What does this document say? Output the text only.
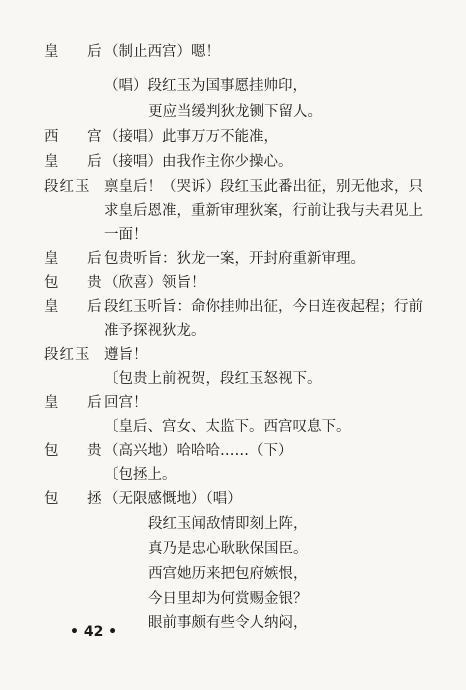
皇 后
（制止西宫）嗯！
（唱）段红玉为国事愿挂帅印，
更应当缓判狄龙铡下留人。
西 宫
（接唱）此事万万不能准，
皇 后
（接唱）由我作主你少操心。
段红玉 禀皇后！（哭诉）段红玉此番出征，别无他求，只
求皇后恩准，重新审理狄案，行前让我与夫君见上
一面！
皇 后
包贵听旨：狄龙一案，开封府重新审理。
包 贵
（欣喜）领旨！
皇 后
段红玉听旨：命你挂帅出征，今日连夜起程；行前
准予探视狄龙。
段红玉 遵旨！
〔包贵上前祝贺，段红玉怒视下。
皇 后
回宫！
〔皇后、宫女、太监下。西宫叹息下。
包 贵
（高兴地）哈哈哈……（下）
〔包拯上。
包 拯
（无限感慨地）（唱）
段红玉闻敌情即刻上阵，
真乃是忠心耿耿保国臣。
西宫她历来把包府嫉恨，
今日里却为何赏赐金银？
眼前事颇有些令人纳闷，
• 42 •
